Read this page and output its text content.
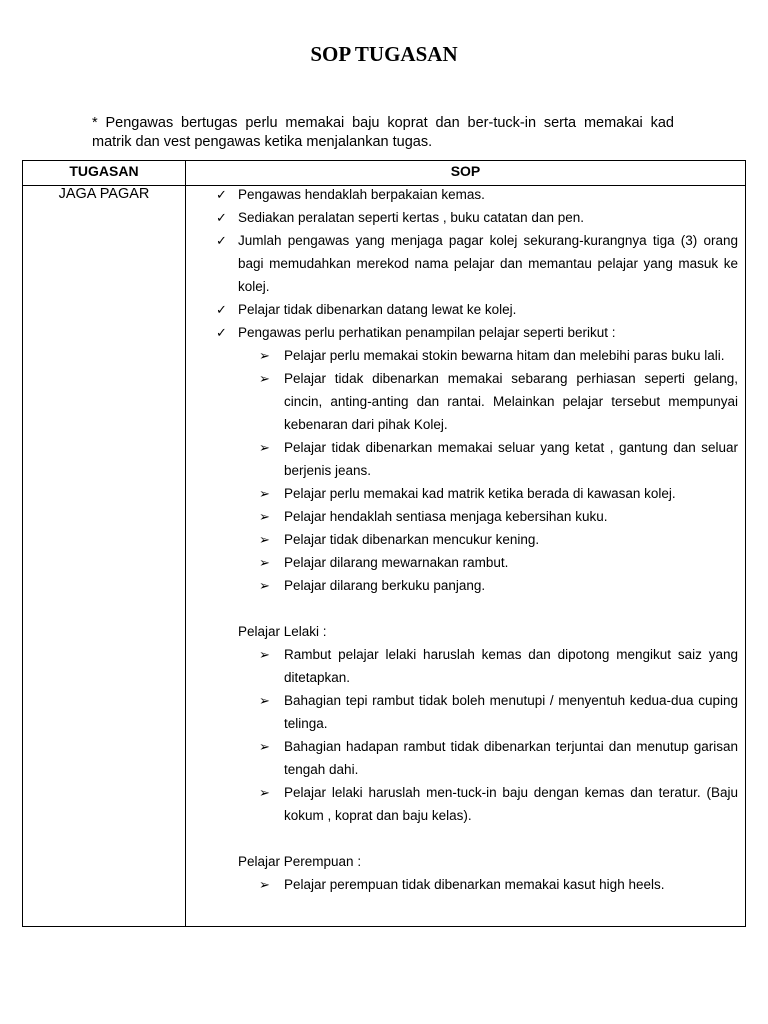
SOP TUGASAN
* Pengawas bertugas perlu memakai baju koprat dan ber-tuck-in serta memakai kad matrik dan vest pengawas ketika menjalankan tugas.
TUGASAN	SOP
JAGA PAGAR	✓ Pengawas hendaklah berpakaian kemas.
✓ Sediakan peralatan seperti kertas , buku catatan dan pen.
✓ Jumlah pengawas yang menjaga pagar kolej sekurang-kurangnya tiga (3) orang bagi memudahkan merekod nama pelajar dan memantau pelajar yang masuk ke kolej.
✓ Pelajar tidak dibenarkan datang lewat ke kolej.
✓ Pengawas perlu perhatikan penampilan pelajar seperti berikut :
➢ Pelajar perlu memakai stokin bewarna hitam dan melebihi paras buku lali.
➢ Pelajar tidak dibenarkan memakai sebarang perhiasan seperti gelang, cincin, anting-anting dan rantai. Melainkan pelajar tersebut mempunyai kebenaran dari pihak Kolej.
➢ Pelajar tidak dibenarkan memakai seluar yang ketat , gantung dan seluar berjenis jeans.
➢ Pelajar perlu memakai kad matrik ketika berada di kawasan kolej.
➢ Pelajar hendaklah sentiasa menjaga kebersihan kuku.
➢ Pelajar tidak dibenarkan mencukur kening.
➢ Pelajar dilarang mewarnakan rambut.
➢ Pelajar dilarang berkuku panjang.
Pelajar Lelaki :
➢ Rambut pelajar lelaki haruslah kemas dan dipotong mengikut saiz yang ditetapkan.
➢ Bahagian tepi rambut tidak boleh menutupi / menyentuh kedua-dua cuping telinga.
➢ Bahagian hadapan rambut tidak dibenarkan terjuntai dan menutup garisan tengah dahi.
➢ Pelajar lelaki haruslah men-tuck-in baju dengan kemas dan teratur. (Baju kokum , koprat dan baju kelas).
Pelajar Perempuan :
➢ Pelajar perempuan tidak dibenarkan memakai kasut high heels.
